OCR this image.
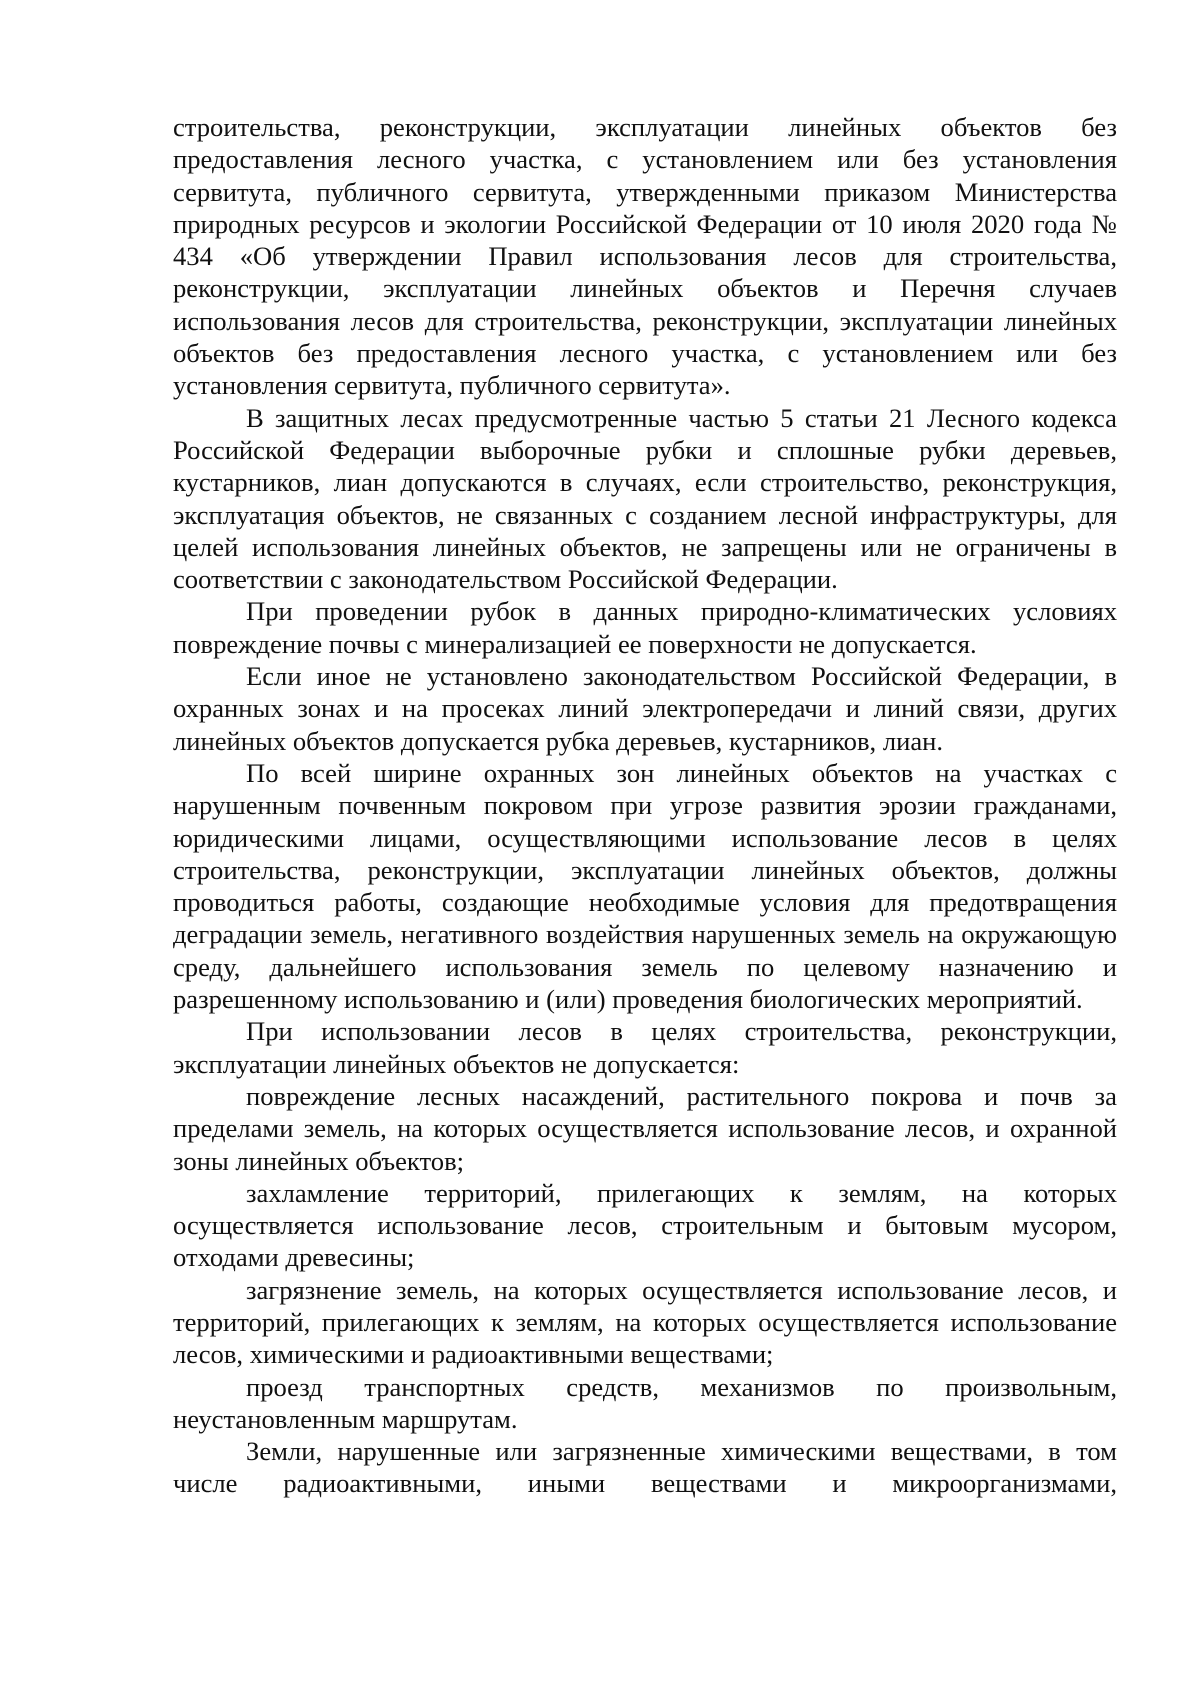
строительства, реконструкции, эксплуатации линейных объектов без предоставления лесного участка, с установлением или без установления сервитута, публичного сервитута, утвержденными приказом Министерства природных ресурсов и экологии Российской Федерации от 10 июля 2020 года № 434 «Об утверждении Правил использования лесов для строительства, реконструкции, эксплуатации линейных объектов и Перечня случаев использования лесов для строительства, реконструкции, эксплуатации линейных объектов без предоставления лесного участка, с установлением или без установления сервитута, публичного сервитута».

В защитных лесах предусмотренные частью 5 статьи 21 Лесного кодекса Российской Федерации выборочные рубки и сплошные рубки деревьев, кустарников, лиан допускаются в случаях, если строительство, реконструкция, эксплуатация объектов, не связанных с созданием лесной инфраструктуры, для целей использования линейных объектов, не запрещены или не ограничены в соответствии с законодательством Российской Федерации.

При проведении рубок в данных природно-климатических условиях повреждение почвы с минерализацией ее поверхности не допускается.

Если иное не установлено законодательством Российской Федерации, в охранных зонах и на просеках линий электропередачи и линий связи, других линейных объектов допускается рубка деревьев, кустарников, лиан.

По всей ширине охранных зон линейных объектов на участках с нарушенным почвенным покровом при угрозе развития эрозии гражданами, юридическими лицами, осуществляющими использование лесов в целях строительства, реконструкции, эксплуатации линейных объектов, должны проводиться работы, создающие необходимые условия для предотвращения деградации земель, негативного воздействия нарушенных земель на окружающую среду, дальнейшего использования земель по целевому назначению и разрешенному использованию и (или) проведения биологических мероприятий.

При использовании лесов в целях строительства, реконструкции, эксплуатации линейных объектов не допускается:

повреждение лесных насаждений, растительного покрова и почв за пределами земель, на которых осуществляется использование лесов, и охранной зоны линейных объектов;

захламление территорий, прилегающих к землям, на которых осуществляется использование лесов, строительным и бытовым мусором, отходами древесины;

загрязнение земель, на которых осуществляется использование лесов, и территорий, прилегающих к землям, на которых осуществляется использование лесов, химическими и радиоактивными веществами;

проезд транспортных средств, механизмов по произвольным, неустановленным маршрутам.

Земли, нарушенные или загрязненные химическими веществами, в том числе радиоактивными, иными веществами и микроорганизмами,
